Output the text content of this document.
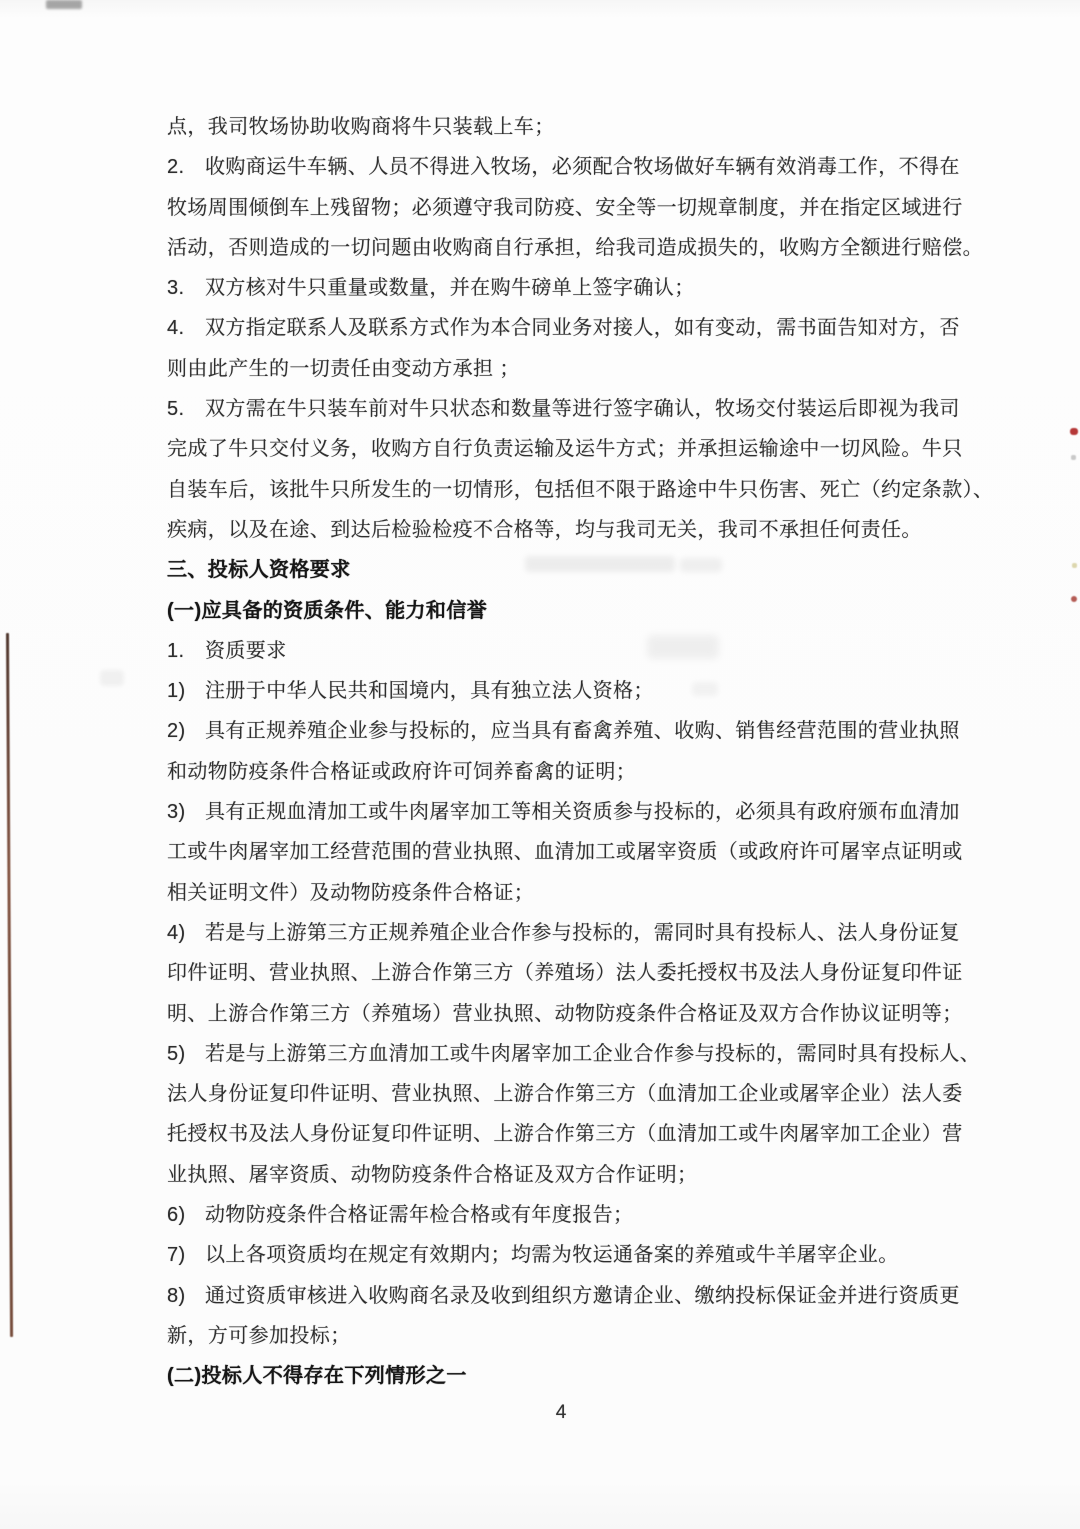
点，我司牧场协助收购商将牛只装载上车；
2. 收购商运牛车辆、人员不得进入牧场，必须配合牧场做好车辆有效消毒工作，不得在
牧场周围倾倒车上残留物；必须遵守我司防疫、安全等一切规章制度，并在指定区域进行
活动，否则造成的一切问题由收购商自行承担，给我司造成损失的，收购方全额进行赔偿。
3. 双方核对牛只重量或数量，并在购牛磅单上签字确认；
4. 双方指定联系人及联系方式作为本合同业务对接人，如有变动，需书面告知对方，否
则由此产生的一切责任由变动方承担 ；
5. 双方需在牛只装车前对牛只状态和数量等进行签字确认，牧场交付装运后即视为我司
完成了牛只交付义务，收购方自行负责运输及运牛方式；并承担运输途中一切风险。牛只
自装车后，该批牛只所发生的一切情形，包括但不限于路途中牛只伤害、死亡（约定条款）、
疾病，以及在途、到达后检验检疫不合格等，均与我司无关，我司不承担任何责任。
三、投标人资格要求
(一)应具备的资质条件、能力和信誉
1. 资质要求
1) 注册于中华人民共和国境内，具有独立法人资格；
2) 具有正规养殖企业参与投标的，应当具有畜禽养殖、收购、销售经营范围的营业执照
和动物防疫条件合格证或政府许可饲养畜禽的证明；
3) 具有正规血清加工或牛肉屠宰加工等相关资质参与投标的，必须具有政府颁布血清加
工或牛肉屠宰加工经营范围的营业执照、血清加工或屠宰资质（或政府许可屠宰点证明或
相关证明文件）及动物防疫条件合格证；
4) 若是与上游第三方正规养殖企业合作参与投标的，需同时具有投标人、法人身份证复
印件证明、营业执照、上游合作第三方（养殖场）法人委托授权书及法人身份证复印件证
明、上游合作第三方（养殖场）营业执照、动物防疫条件合格证及双方合作协议证明等；
5) 若是与上游第三方血清加工或牛肉屠宰加工企业合作参与投标的，需同时具有投标人、
法人身份证复印件证明、营业执照、上游合作第三方（血清加工企业或屠宰企业）法人委
托授权书及法人身份证复印件证明、上游合作第三方（血清加工或牛肉屠宰加工企业）营
业执照、屠宰资质、动物防疫条件合格证及双方合作证明；
6) 动物防疫条件合格证需年检合格或有年度报告；
7) 以上各项资质均在规定有效期内；均需为牧运通备案的养殖或牛羊屠宰企业。
8) 通过资质审核进入收购商名录及收到组织方邀请企业、缴纳投标保证金并进行资质更
新，方可参加投标；
(二)投标人不得存在下列情形之一
4
